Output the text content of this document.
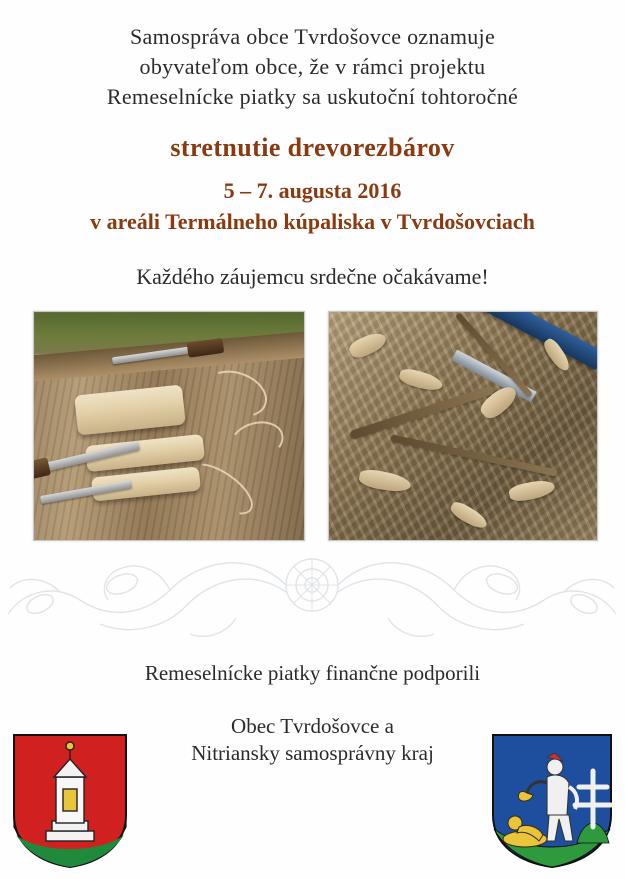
Samospráva obce Tvrdošovce oznamuje
obyvateľom obce, že v rámci projektu
Remeselnícke piatky sa uskutoční tohtoročné
stretnutie drevorezbárov
5 – 7. augusta 2016
v areáli Termálneho kúpaliska v Tvrdošovciach
Každého záujemcu srdečne očakávame!
Remeselnícke piatky finančne podporili
Obec Tvrdošovce a
Nitriansky samosprávny kraj
